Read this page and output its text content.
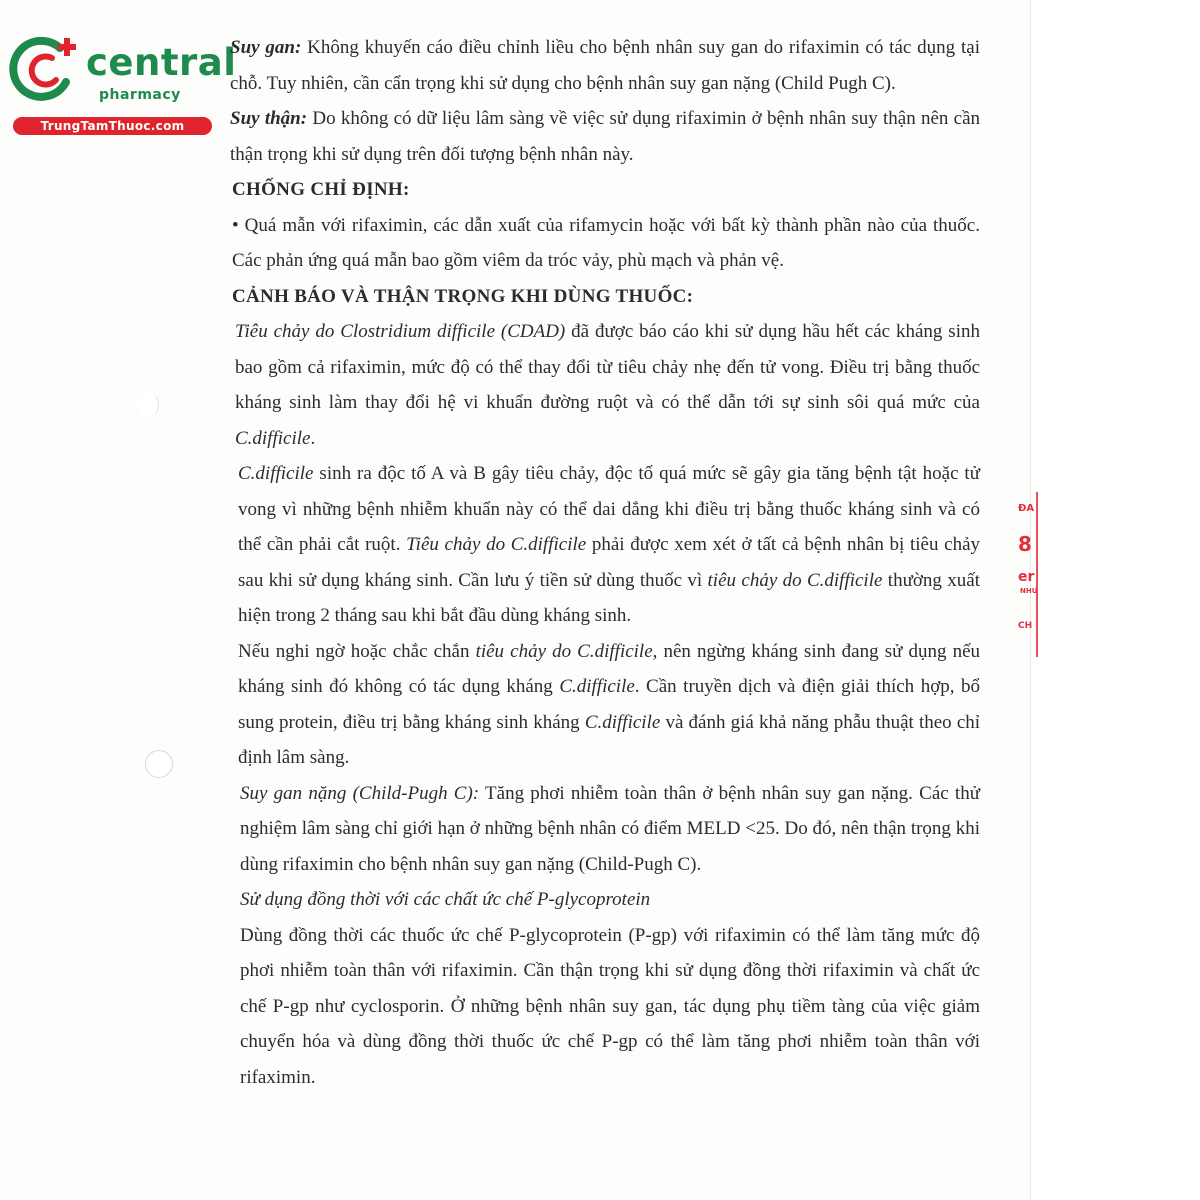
ĐA
8
er
NHU
CH
central
pharmacy
TrungTamThuoc.com

Suy gan: Không khuyến cáo điều chỉnh liều cho bệnh nhân suy gan do rifaximin có tác dụng tại chỗ. Tuy nhiên, cần cẩn trọng khi sử dụng cho bệnh nhân suy gan nặng (Child Pugh C).

Suy thận: Do không có dữ liệu lâm sàng về việc sử dụng rifaximin ở bệnh nhân suy thận nên cần thận trọng khi sử dụng trên đối tượng bệnh nhân này.

CHỐNG CHỈ ĐỊNH:

• Quá mẫn với rifaximin, các dẫn xuất của rifamycin hoặc với bất kỳ thành phần nào của thuốc. Các phản ứng quá mẫn bao gồm viêm da tróc vảy, phù mạch và phản vệ.

CẢNH BÁO VÀ THẬN TRỌNG KHI DÙNG THUỐC:

Tiêu chảy do Clostridium difficile (CDAD) đã được báo cáo khi sử dụng hầu hết các kháng sinh bao gồm cả rifaximin, mức độ có thể thay đổi từ tiêu chảy nhẹ đến tử vong. Điều trị bằng thuốc kháng sinh làm thay đổi hệ vi khuẩn đường ruột và có thể dẫn tới sự sinh sôi quá mức của C.difficile.

C.difficile sinh ra độc tố A và B gây tiêu chảy, độc tố quá mức sẽ gây gia tăng bệnh tật hoặc tử vong vì những bệnh nhiễm khuẩn này có thể dai dẳng khi điều trị bằng thuốc kháng sinh và có thể cần phải cắt ruột. Tiêu chảy do C.difficile phải được xem xét ở tất cả bệnh nhân bị tiêu chảy sau khi sử dụng kháng sinh. Cần lưu ý tiền sử dùng thuốc vì tiêu chảy do C.difficile thường xuất hiện trong 2 tháng sau khi bắt đầu dùng kháng sinh.

Nếu nghi ngờ hoặc chắc chắn tiêu chảy do C.difficile, nên ngừng kháng sinh đang sử dụng nếu kháng sinh đó không có tác dụng kháng C.difficile. Cần truyền dịch và điện giải thích hợp, bổ sung protein, điều trị bằng kháng sinh kháng C.difficile và đánh giá khả năng phẫu thuật theo chỉ định lâm sàng.

Suy gan nặng (Child-Pugh C): Tăng phơi nhiễm toàn thân ở bệnh nhân suy gan nặng. Các thử nghiệm lâm sàng chỉ giới hạn ở những bệnh nhân có điểm MELD <25. Do đó, nên thận trọng khi dùng rifaximin cho bệnh nhân suy gan nặng (Child-Pugh C).

Sử dụng đồng thời với các chất ức chế P-glycoprotein

Dùng đồng thời các thuốc ức chế P-glycoprotein (P-gp) với rifaximin có thể làm tăng mức độ phơi nhiễm toàn thân với rifaximin. Cần thận trọng khi sử dụng đồng thời rifaximin và chất ức chế P-gp như cyclosporin. Ở những bệnh nhân suy gan, tác dụng phụ tiềm tàng của việc giảm chuyển hóa và dùng đồng thời thuốc ức chế P-gp có thể làm tăng phơi nhiễm toàn thân với rifaximin.
